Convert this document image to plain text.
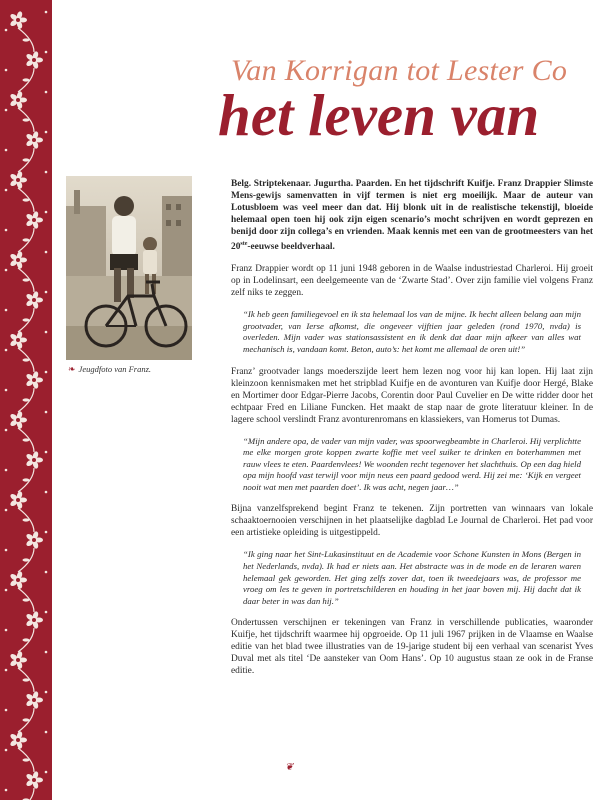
Van Korrigan tot Lester Co
het leven van
❧ Jeugdfoto van Franz.

Belg. Striptekenaar. Jugurtha. Paarden. En het tijdschrift Kuifje. Franz Drappier Slimste Mens-gewijs samenvatten in vijf termen is niet erg moeilijk. Maar de auteur van Lotusbloem was veel meer dan dat. Hij blonk uit in de realistische tekenstijl, bloeide helemaal open toen hij ook zijn eigen scenario’s mocht schrijven en wordt geprezen en benijd door zijn collega’s en vrienden. Maak kennis met een van de grootmeesters van het 20ste-eeuwse beeldverhaal.

Franz Drappier wordt op 11 juni 1948 geboren in de Waalse industriestad Charleroi. Hij groeit op in Lodelinsart, een deelgemeente van de ‘Zwarte Stad’. Over zijn familie viel volgens Franz zelf niks te zeggen.

“Ik heb geen familiegevoel en ik sta helemaal los van de mijne. Ik hecht alleen belang aan mijn grootvader, van Ierse afkomst, die ongeveer vijftien jaar geleden (rond 1970, nvda) is overleden. Mijn vader was stationsassistent en ik denk dat daar mijn afkeer van alles wat mechanisch is, vandaan komt. Beton, auto’s: het komt me allemaal de oren uit!”

Franz’ grootvader langs moederszijde leert hem lezen nog voor hij kan lopen. Hij laat zijn kleinzoon kennismaken met het stripblad Kuifje en de avonturen van Kuifje door Hergé, Blake en Mortimer door Edgar-Pierre Jacobs, Corentin door Paul Cuvelier en De witte ridder door het echtpaar Fred en Liliane Funcken. Het maakt de stap naar de grote literatuur kleiner. In de lagere school verslindt Franz avonturenromans en klassiekers, van Homerus tot Dumas.

“Mijn andere opa, de vader van mijn vader, was spoorwegbeambte in Charleroi. Hij verplichtte me elke morgen grote koppen zwarte koffie met veel suiker te drinken en boterhammen met rauw vlees te eten. Paardenvlees! We woonden recht tegenover het slachthuis. Op een dag hield opa mijn hoofd vast terwijl voor mijn neus een paard gedood werd. Hij zei me: ‘Kijk en vergeet nooit wat men met paarden doet’. Ik was acht, negen jaar…”

Bijna vanzelfsprekend begint Franz te tekenen. Zijn portretten van winnaars van lokale schaaktoernooien verschijnen in het plaatselijke dagblad Le Journal de Charleroi. Het pad voor een artistieke opleiding is uitgestippeld.

“Ik ging naar het Sint-Lukasinstituut en de Academie voor Schone Kunsten in Mons (Bergen in het Nederlands, nvda). Ik had er niets aan. Het abstracte was in de mode en de leraren waren helemaal gek geworden. Het ging zelfs zover dat, toen ik tweedejaars was, de professor me vroeg om les te geven in portretschilderen en houding in het jaar boven mij. Hij dacht dat ik daar beter in was dan hij.”

Ondertussen verschijnen er tekeningen van Franz in verschillende publicaties, waaronder Kuifje, het tijdschrift waarmee hij opgroeide. Op 11 juli 1967 prijken in de Vlaamse en Waalse editie van het blad twee illustraties van de 19-jarige student bij een verhaal van scenarist Yves Duval met als titel ‘De aansteker van Oom Hans’. Op 10 augustus staan ze ook in de Franse editie.

❦
